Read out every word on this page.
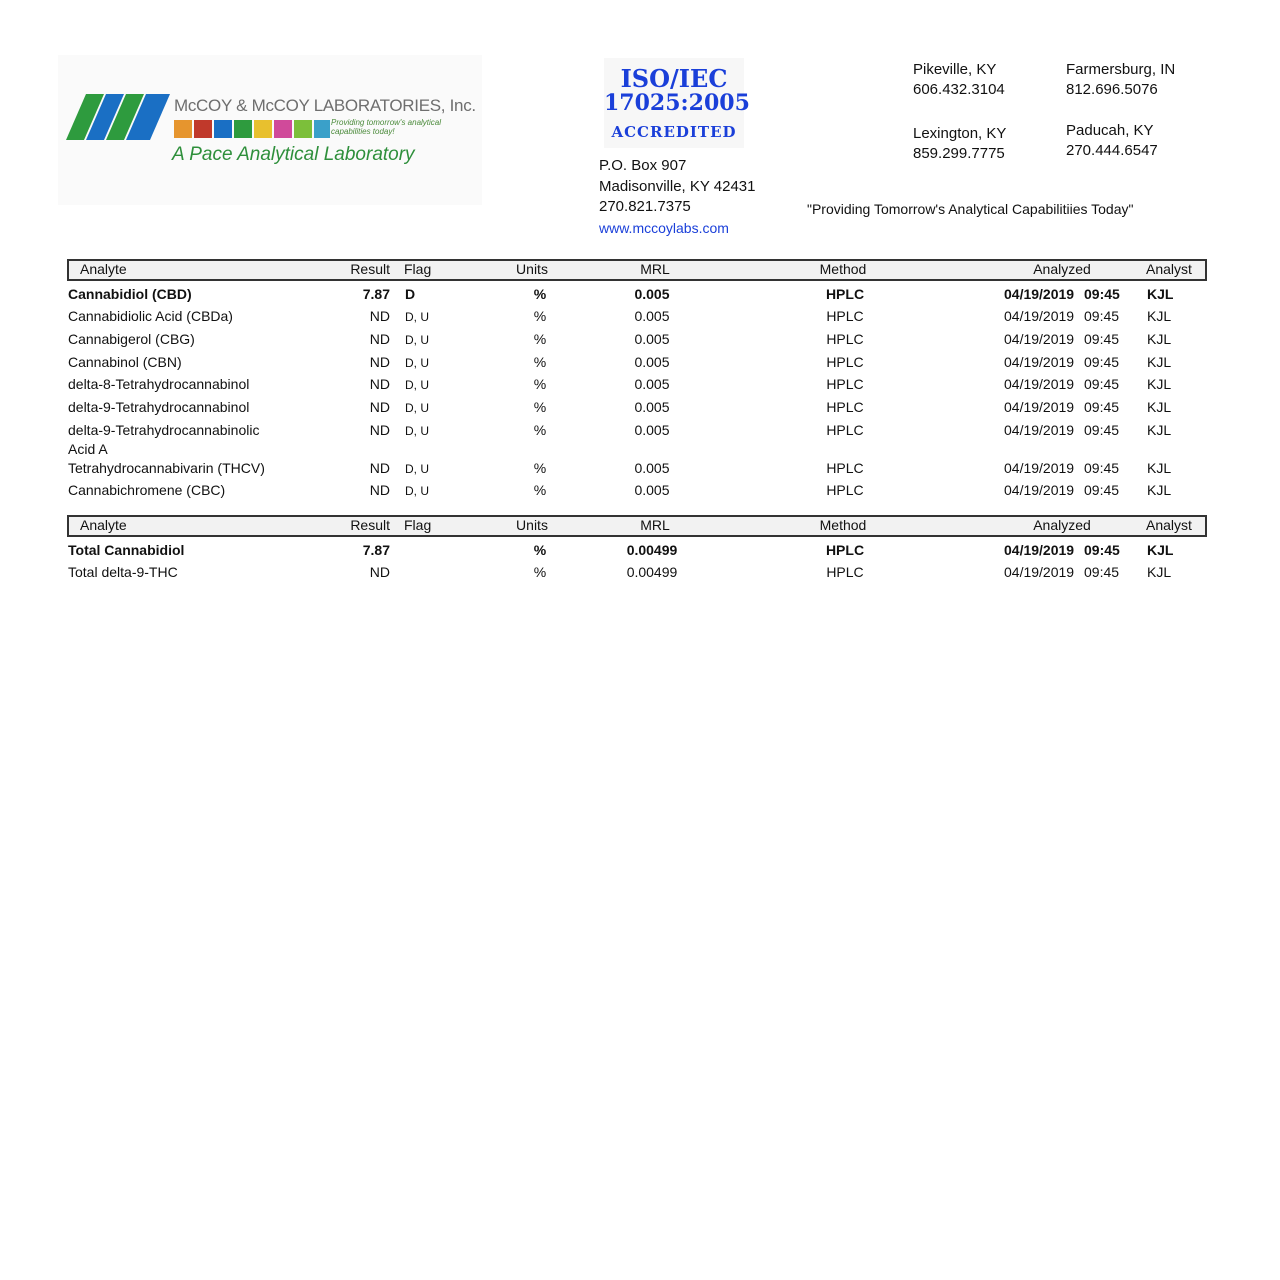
McCOY & McCOY LABORATORIES, Inc.
Providing tomorrow's analytical capabilities today!
A Pace Analytical Laboratory
ISO/IEC
17025:2005
ACCREDITED
P.O. Box 907
Madisonville, KY 42431
270.821.7375
www.mccoylabs.com
Pikeville, KY
606.432.3104
Farmersburg, IN
812.696.5076
Lexington, KY
859.299.7775
Paducah, KY
270.444.6547
"Providing Tomorrow's Analytical Capabilitiies Today"
Analyte	Result Flag	Units	MRL	Method	Analyzed	Analyst
Cannabidiol (CBD)	7.87 D	%	0.005	HPLC	04/19/2019 09:45 KJL
Cannabidiolic Acid (CBDa)	ND D, U	%	0.005	HPLC	04/19/2019 09:45 KJL
Cannabigerol (CBG)	ND D, U	%	0.005	HPLC	04/19/2019 09:45 KJL
Cannabinol (CBN)	ND D, U	%	0.005	HPLC	04/19/2019 09:45 KJL
delta-8-Tetrahydrocannabinol	ND D, U	%	0.005	HPLC	04/19/2019 09:45 KJL
delta-9-Tetrahydrocannabinol	ND D, U	%	0.005	HPLC	04/19/2019 09:45 KJL
delta-9-Tetrahydrocannabinolic	ND D, U	%	0.005	HPLC	04/19/2019 09:45 KJL
Acid A
Tetrahydrocannabivarin (THCV)	ND D, U	%	0.005	HPLC	04/19/2019 09:45 KJL
Cannabichromene (CBC)	ND D, U	%	0.005	HPLC	04/19/2019 09:45 KJL
Analyte	Result Flag	Units	MRL	Method	Analyzed	Analyst
Total Cannabidiol	7.87	%	0.00499	HPLC	04/19/2019 09:45 KJL
Total delta-9-THC	ND	%	0.00499	HPLC	04/19/2019 09:45 KJL
